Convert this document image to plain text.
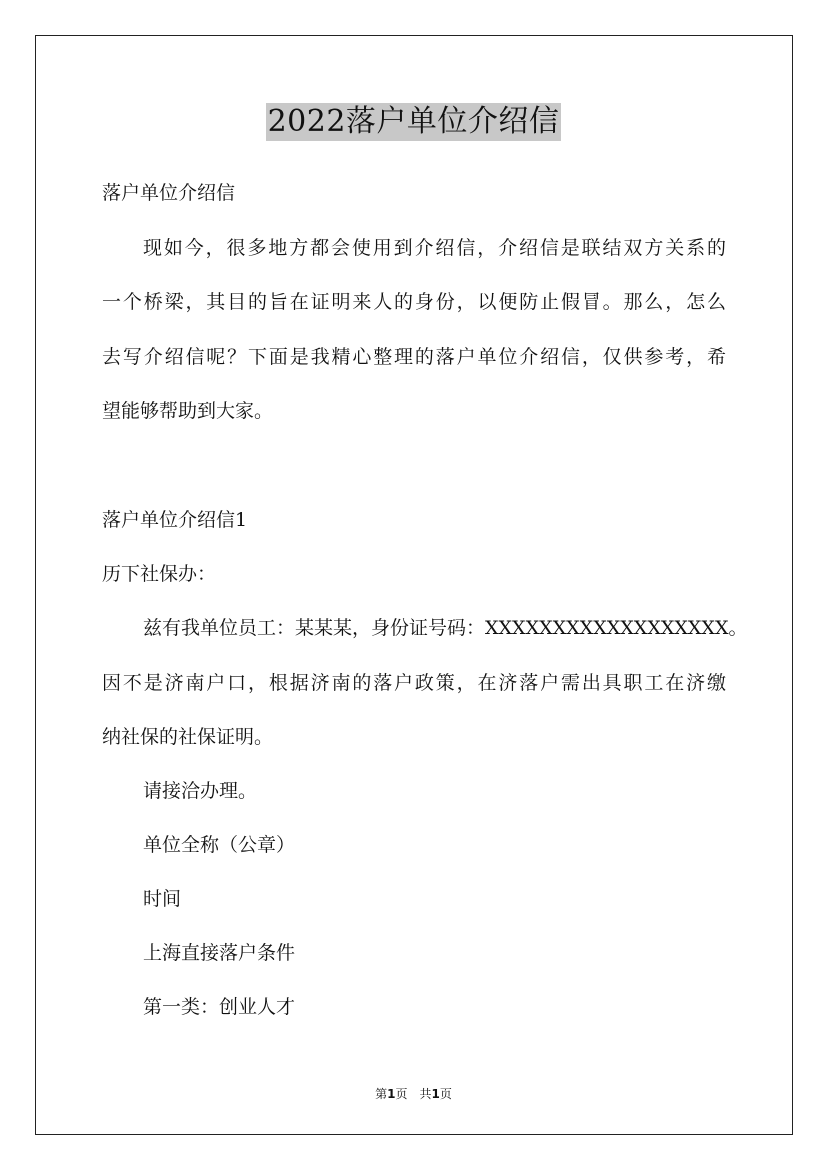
2022落户单位介绍信
落户单位介绍信
现如今，很多地方都会使用到介绍信，介绍信是联结双方关系的
一个桥梁，其目的旨在证明来人的身份，以便防止假冒。那么，怎么
去写介绍信呢？下面是我精心整理的落户单位介绍信，仅供参考，希
望能够帮助到大家。
落户单位介绍信1
历下社保办：
兹有我单位员工：某某某，身份证号码：XXXXXXXXXXXXXXXXXX。
因不是济南户口，根据济南的落户政策，在济落户需出具职工在济缴
纳社保的社保证明。
请接洽办理。
单位全称（公章）
时间
上海直接落户条件
第一类：创业人才
第1页　共1页
